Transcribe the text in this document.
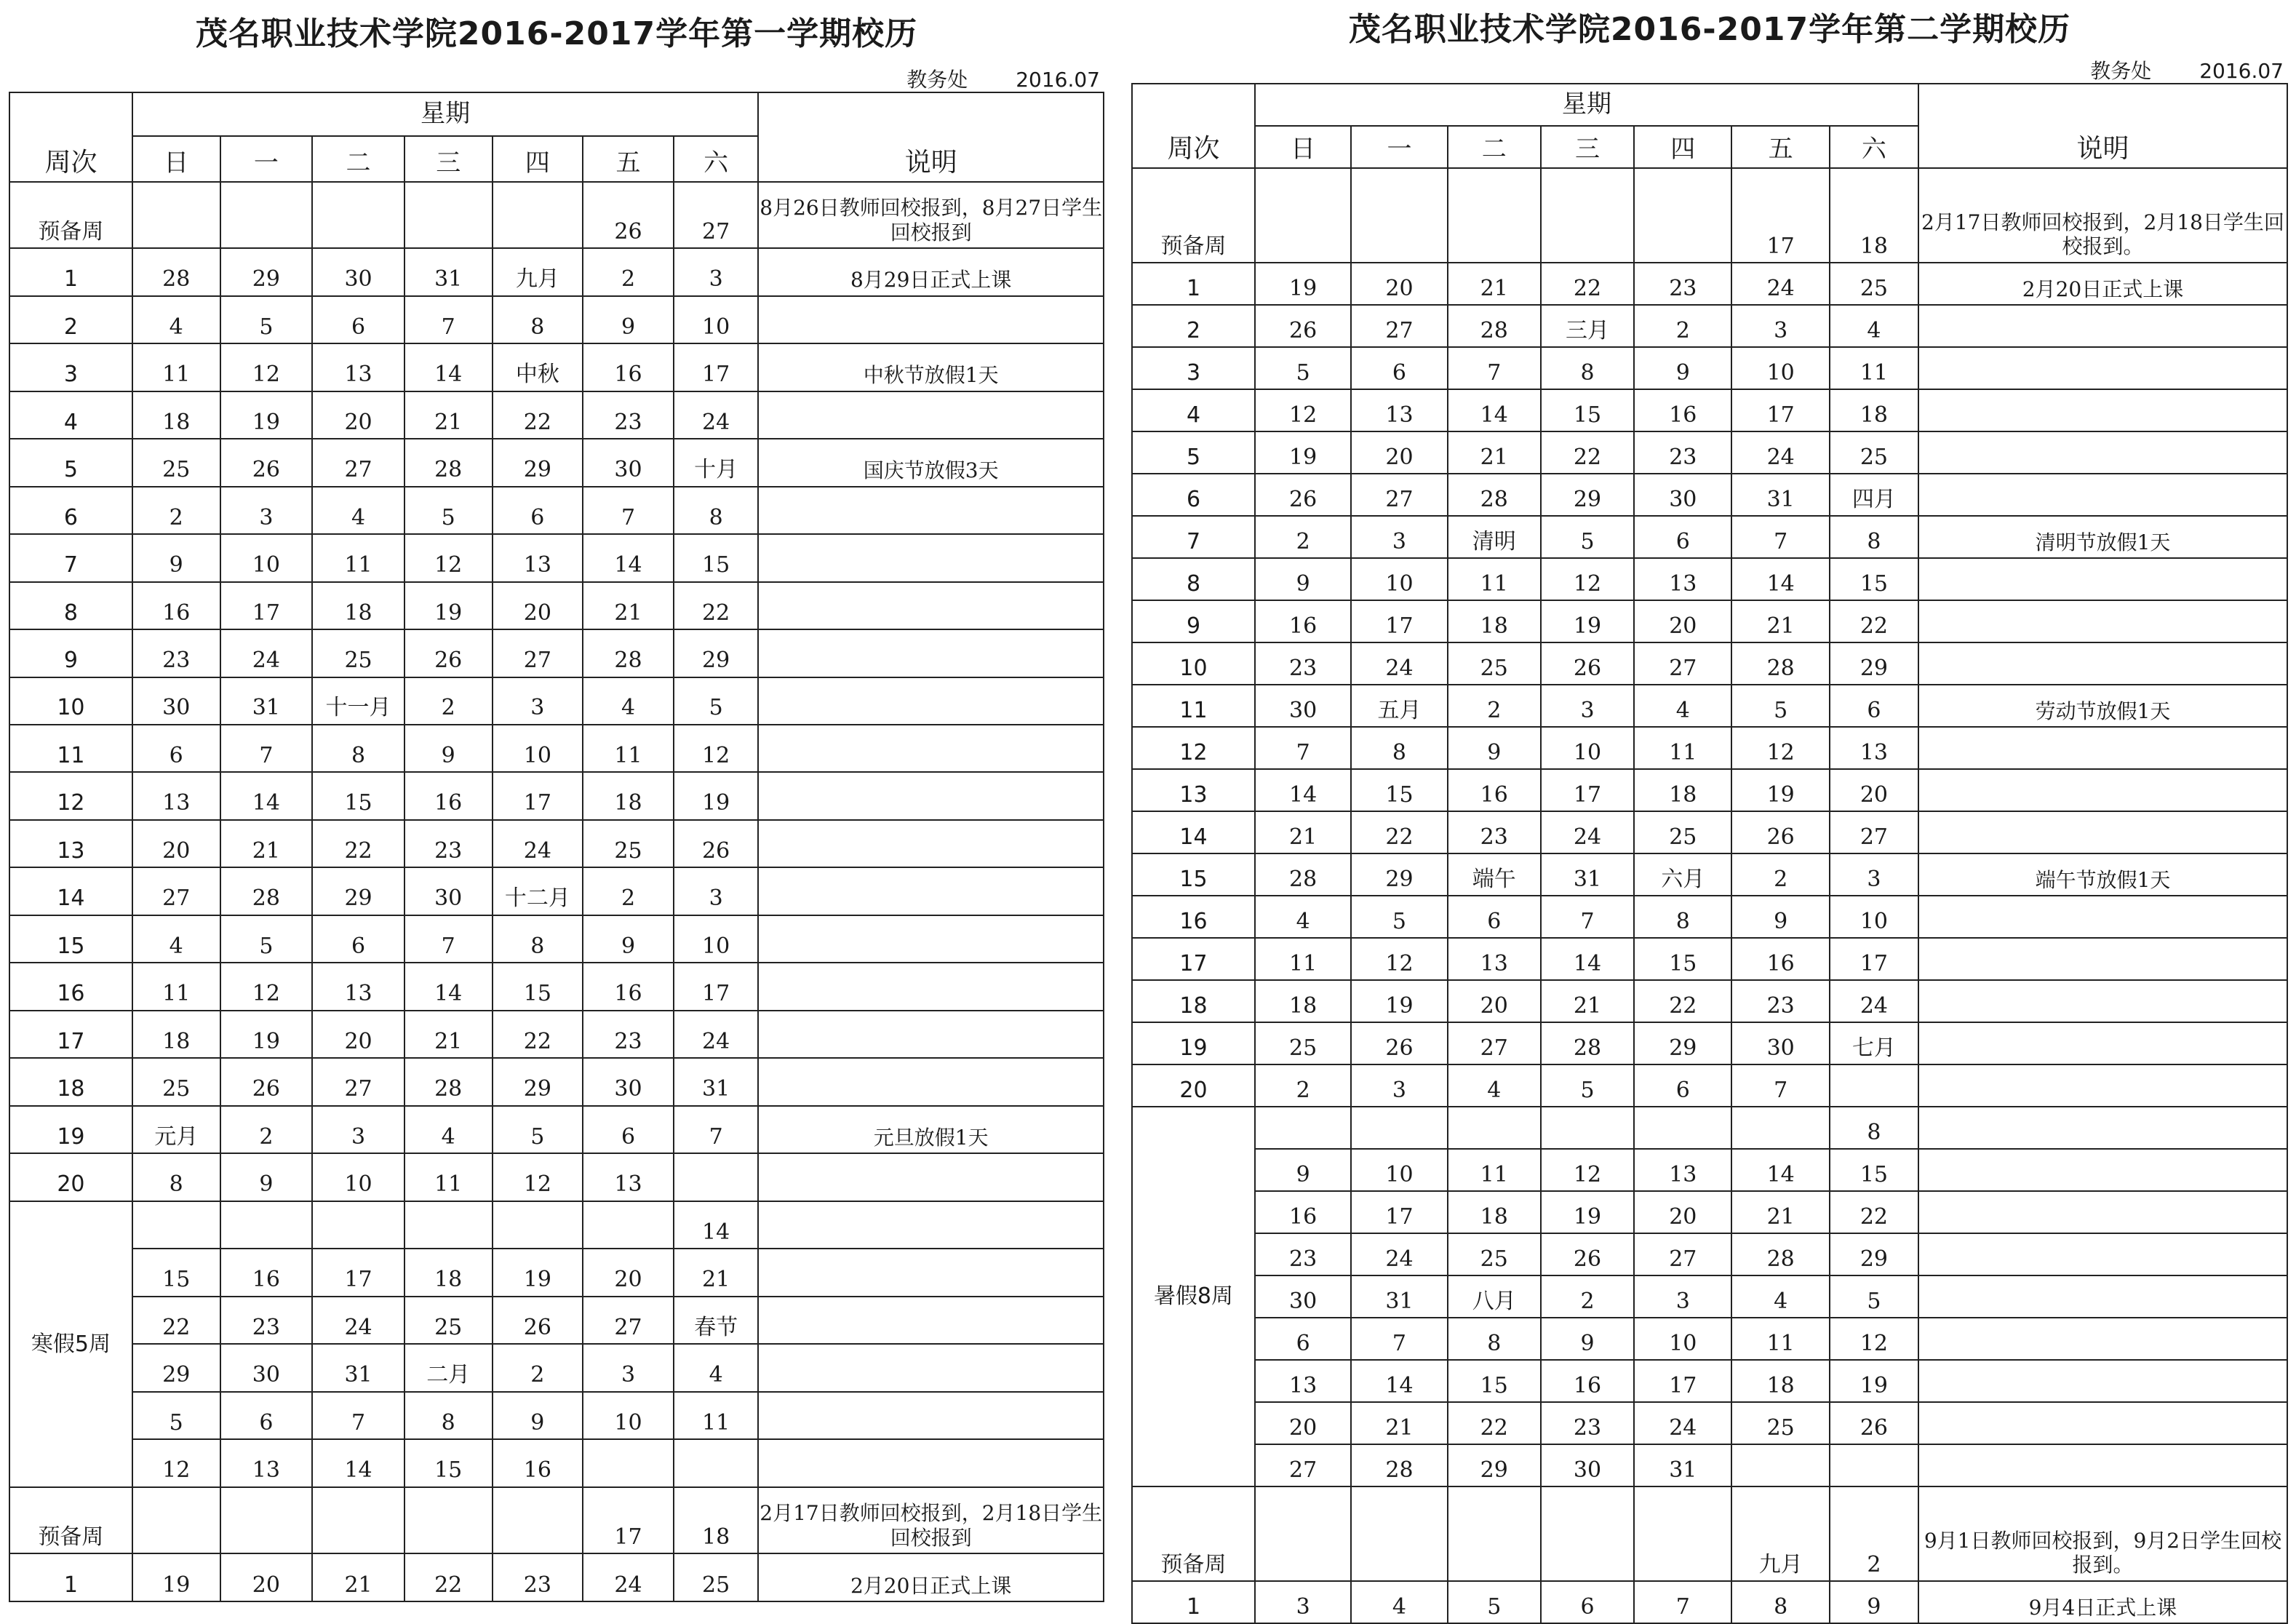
茂名职业技术学院2016-2017学年第一学期校历
教务处 2016.07
周次	星期							说明
	日	一	二	三	四	五	六	
预备周						26	27	8月26日教师回校报到，8月27日学生回校报到
1	28	29	30	31	九月	2	3	8月29日正式上课
2	4	5	6	7	8	9	10	
3	11	12	13	14	中秋	16	17	中秋节放假1天
4	18	19	20	21	22	23	24	
5	25	26	27	28	29	30	十月	国庆节放假3天
6	2	3	4	5	6	7	8	
7	9	10	11	12	13	14	15	
8	16	17	18	19	20	21	22	
9	23	24	25	26	27	28	29	
10	30	31	十一月	2	3	4	5	
11	6	7	8	9	10	11	12	
12	13	14	15	16	17	18	19	
13	20	21	22	23	24	25	26	
14	27	28	29	30	十二月	2	3	
15	4	5	6	7	8	9	10	
16	11	12	13	14	15	16	17	
17	18	19	20	21	22	23	24	
18	25	26	27	28	29	30	31	
19	元月	2	3	4	5	6	7	元旦放假1天
20	8	9	10	11	12	13		
寒假5周							14	
	15	16	17	18	19	20	21	
	22	23	24	25	26	27	春节	
	29	30	31	二月	2	3	4	
	5	6	7	8	9	10	11	
	12	13	14	15	16			
预备周						17	18	2月17日教师回校报到，2月18日学生回校报到
1	19	20	21	22	23	24	25	2月20日正式上课
茂名职业技术学院2016-2017学年第二学期校历
教务处 2016.07
周次	星期							说明
	日	一	二	三	四	五	六	
预备周						17	18	2月17日教师回校报到，2月18日学生回校报到。
1	19	20	21	22	23	24	25	2月20日正式上课
2	26	27	28	三月	2	3	4	
3	5	6	7	8	9	10	11	
4	12	13	14	15	16	17	18	
5	19	20	21	22	23	24	25	
6	26	27	28	29	30	31	四月	
7	2	3	清明	5	6	7	8	清明节放假1天
8	9	10	11	12	13	14	15	
9	16	17	18	19	20	21	22	
10	23	24	25	26	27	28	29	
11	30	五月	2	3	4	5	6	劳动节放假1天
12	7	8	9	10	11	12	13	
13	14	15	16	17	18	19	20	
14	21	22	23	24	25	26	27	
15	28	29	端午	31	六月	2	3	端午节放假1天
16	4	5	6	7	8	9	10	
17	11	12	13	14	15	16	17	
18	18	19	20	21	22	23	24	
19	25	26	27	28	29	30	七月	
20	2	3	4	5	6	7		
暑假8周							8	
	9	10	11	12	13	14	15	
	16	17	18	19	20	21	22	
	23	24	25	26	27	28	29	
	30	31	八月	2	3	4	5	
	6	7	8	9	10	11	12	
	13	14	15	16	17	18	19	
	20	21	22	23	24	25	26	
	27	28	29	30	31			
预备周						九月	2	9月1日教师回校报到，9月2日学生回校报到。
1	3	4	5	6	7	8	9	9月4日正式上课
